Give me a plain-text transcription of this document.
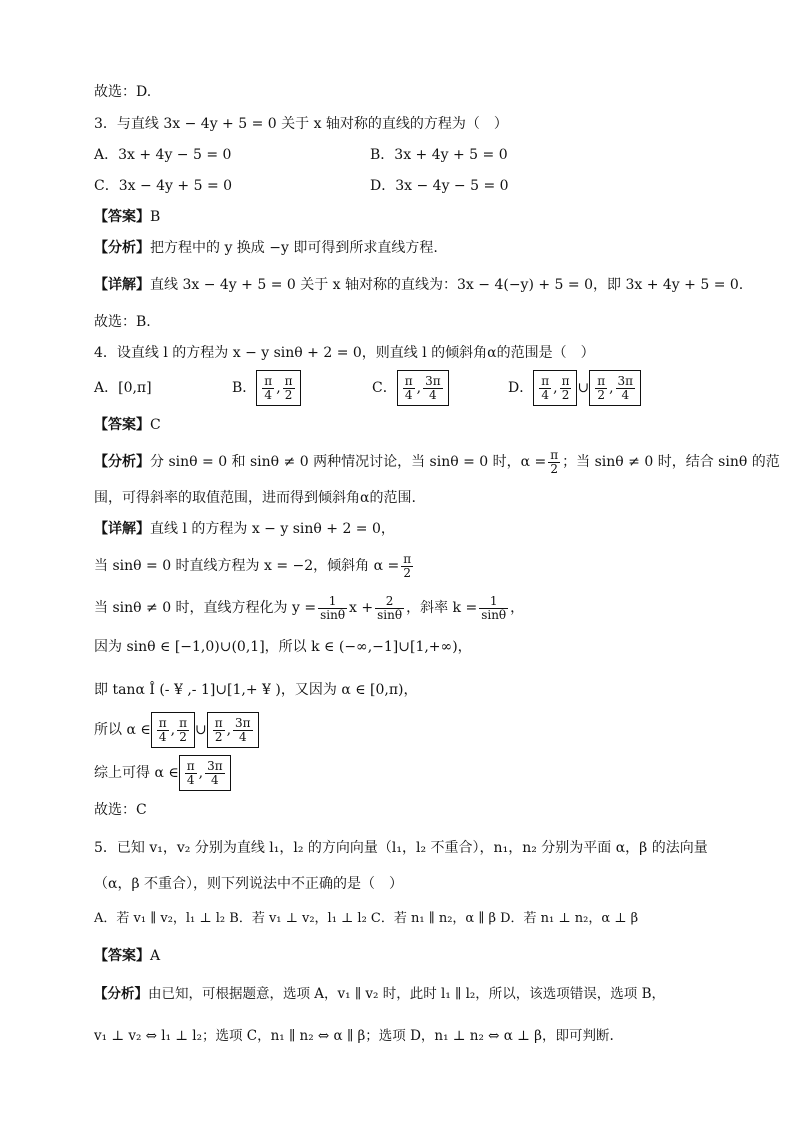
故选：D.
3．与直线 3x − 4y + 5 = 0 关于 x 轴对称的直线的方程为（　）
A．3x + 4y − 5 = 0	B．3x + 4y + 5 = 0
C．3x − 4y + 5 = 0	D．3x − 4y − 5 = 0
【答案】B
【分析】把方程中的 y 换成 −y 即可得到所求直线方程.
【详解】直线 3x − 4y + 5 = 0 关于 x 轴对称的直线为：3x − 4(−y) + 5 = 0，即 3x + 4y + 5 = 0.
故选：B.
4．设直线 l 的方程为 x − y sinθ + 2 = 0，则直线 l 的倾斜角α的范围是（　）
A．[0,π]	B． $\frac{\pi}{4}$ , $\frac{\pi}{2}$	C． $\frac{\pi}{4}$ , $\frac{3\pi}{4}$	D． $\frac{\pi}{4}$ , $\frac{\pi}{2}$ ∪ $\frac{\pi}{2}$ , $\frac{3\pi}{4}$
【答案】C
【分析】分 sinθ = 0 和 sinθ ≠ 0 两种情况讨论，当 sinθ = 0 时，$\alpha = \frac{\pi}{2}$ ；当 sinθ ≠ 0 时，结合 sinθ 的范
围，可得斜率的取值范围，进而得到倾斜角α的范围.
【详解】直线 l 的方程为 x − y sinθ + 2 = 0，
当 sinθ = 0 时直线方程为 x = −2，倾斜角 $\alpha = \frac{\pi}{2}$
当 sinθ ≠ 0 时，直线方程化为 $y = \frac{1}{\sin\theta}$ $x + \frac{2}{\sin\theta}$ ，斜率 $k = \frac{1}{\sin\theta}$ ，
因为 sinθ ∈ [−1,0)∪(0,1]，所以 k ∈ (−∞,−1]∪[1,+∞)，
即 tanα Î (- ¥ ,- 1]∪[1,+ ¥ )，又因为 α ∈ [0,π)，
所以 α ∈ $\frac{\pi}{4}$ , $\frac{\pi}{2}$ ∪ $\frac{\pi}{2}$ , $\frac{3\pi}{4}$
综上可得 α ∈ $\frac{\pi}{4}$ , $\frac{3\pi}{4}$
故选：C
5．已知 v₁，v₂ 分别为直线 l₁，l₂ 的方向向量（l₁，l₂ 不重合），n₁，n₂ 分别为平面 α，β 的法向量
（α，β 不重合），则下列说法中不正确的是（　）
A．若 v₁ ∥ v₂，l₁ ⊥ l₂ B．若 v₁ ⊥ v₂，l₁ ⊥ l₂ C．若 n₁ ∥ n₂，α ∥ β D．若 n₁ ⊥ n₂，α ⊥ β
【答案】A
【分析】由已知，可根据题意，选项 A，v₁ ∥ v₂ 时，此时 l₁ ∥ l₂，所以，该选项错误，选项 B，
v₁ ⊥ v₂ ⇔ l₁ ⊥ l₂；选项 C，n₁ ∥ n₂ ⇔ α ∥ β；选项 D，n₁ ⊥ n₂ ⇔ α ⊥ β，即可判断.
